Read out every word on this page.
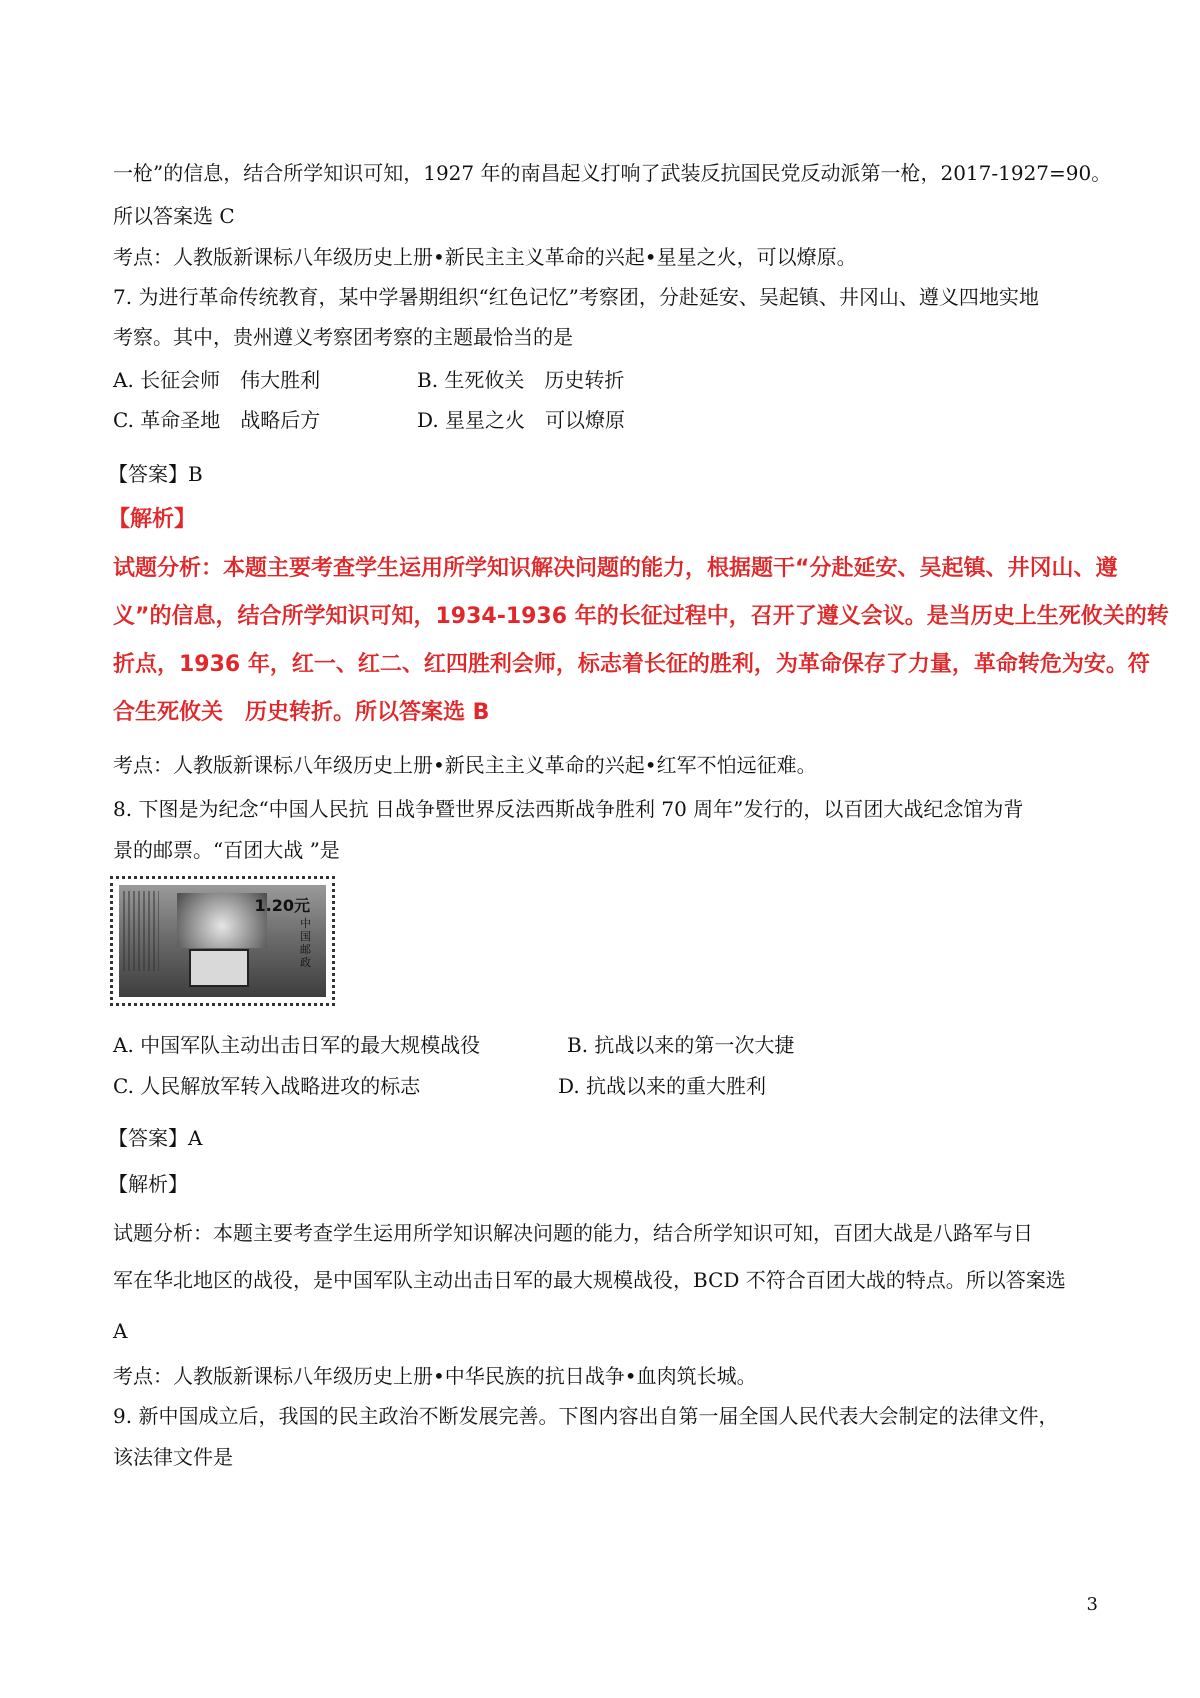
一枪”的信息，结合所学知识可知，1927 年的南昌起义打响了武装反抗国民党反动派第一枪，2017-1927=90。
所以答案选 C
考点：人教版新课标八年级历史上册•新民主主义革命的兴起•星星之火，可以燎原。
7. 为进行革命传统教育，某中学暑期组织“红色记忆”考察团，分赴延安、吴起镇、井冈山、遵义四地实地
考察。其中，贵州遵义考察团考察的主题最恰当的是
A. 长征会师　伟大胜利	B. 生死攸关　历史转折
C. 革命圣地　战略后方	D. 星星之火　可以燎原
【答案】B
【解析】
试题分析：本题主要考查学生运用所学知识解决问题的能力，根据题干“分赴延安、吴起镇、井冈山、遵
义”的信息，结合所学知识可知，1934-1936 年的长征过程中，召开了遵义会议。是当历史上生死攸关的转
折点，1936 年，红一、红二、红四胜利会师，标志着长征的胜利，为革命保存了力量，革命转危为安。符
合生死攸关　历史转折。所以答案选 B
考点：人教版新课标八年级历史上册•新民主主义革命的兴起•红军不怕远征难。
8. 下图是为纪念“中国人民抗 日战争暨世界反法西斯战争胜利 70 周年”发行的，以百团大战纪念馆为背
景的邮票。“百团大战 ”是
1.20元
中国邮政
A. 中国军队主动出击日军的最大规模战役	B. 抗战以来的第一次大捷
C. 人民解放军转入战略进攻的标志	D. 抗战以来的重大胜利
【答案】A
【解析】
试题分析：本题主要考查学生运用所学知识解决问题的能力，结合所学知识可知，百团大战是八路军与日
军在华北地区的战役，是中国军队主动出击日军的最大规模战役，BCD 不符合百团大战的特点。所以答案选
A
考点：人教版新课标八年级历史上册•中华民族的抗日战争•血肉筑长城。
9. 新中国成立后，我国的民主政治不断发展完善。下图内容出自第一届全国人民代表大会制定的法律文件，
该法律文件是
3
